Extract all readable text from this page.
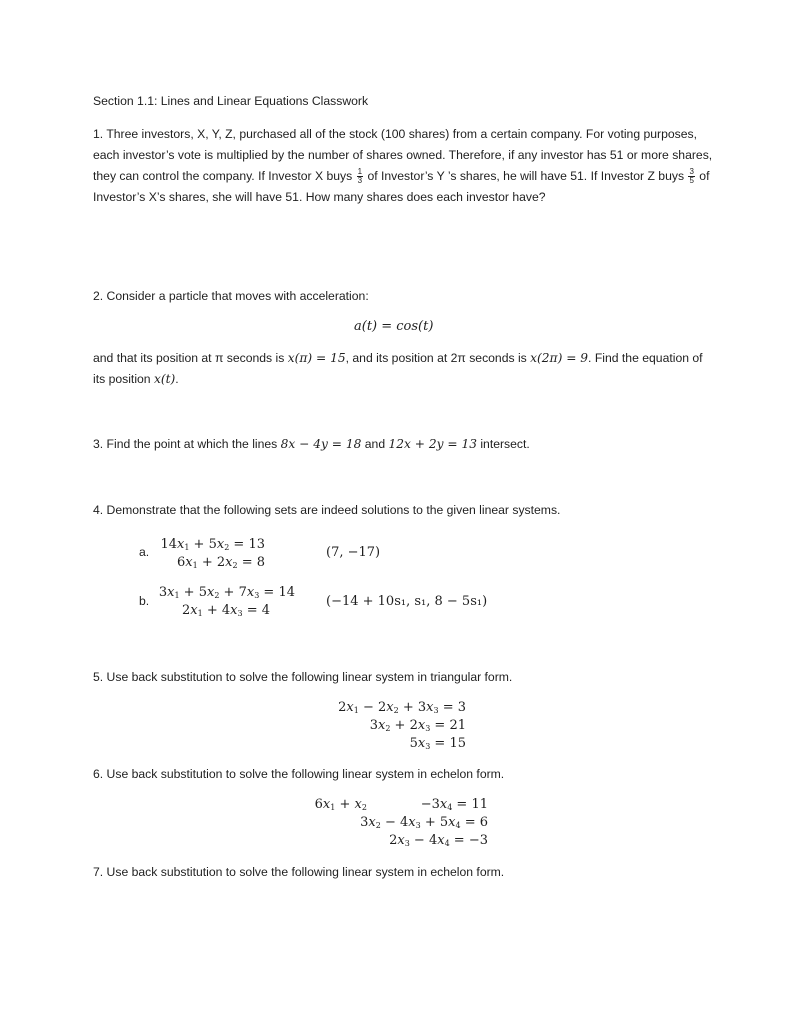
Section 1.1: Lines and Linear Equations Classwork
1. Three investors, X, Y, Z, purchased all of the stock (100 shares) from a certain company. For voting purposes, each investor’s vote is multiplied by the number of shares owned. Therefore, if any investor has 51 or more shares, they can control the company. If Investor X buys $\frac{1}{3}$ of Investor’s Y ’s shares, he will have 51. If Investor Z buys $\frac{3}{5}$ of Investor’s X’s shares, she will have 51. How many shares does each investor have?
2. Consider a particle that moves with acceleration:
a(t) = cos(t)
and that its position at π seconds is x(π) = 15, and its position at 2π seconds is x(2π) = 9. Find the equation of its position x(t).
3. Find the point at which the lines 8x − 4y = 18 and 12x + 2y = 13 intersect.
4. Demonstrate that the following sets are indeed solutions to the given linear systems.
a. $14x_1 + 5x_2 = 13$
$6x_1 + 2x_2 = 8$
(7, −17)
b.
$3x_1 + 5x_2 + 7x_3 = 14$
$2x_1 + 4x_3 = 4$
(−14 + 10s₁, s₁, 8 − 5s₁)
5. Use back substitution to solve the following linear system in triangular form.
$2x_1 - 2x_2 + 3x_3 = 3$
$3x_2 + 2x_3 = 21$
$5x_3 = 15$
6. Use back substitution to solve the following linear system in echelon form.
$6x_1 + x_2$             $-3x_4 = 11$
$3x_2 - 4x_3 + 5x_4 = 6$
$2x_3 - 4x_4 = -3$
7. Use back substitution to solve the following linear system in echelon form.
